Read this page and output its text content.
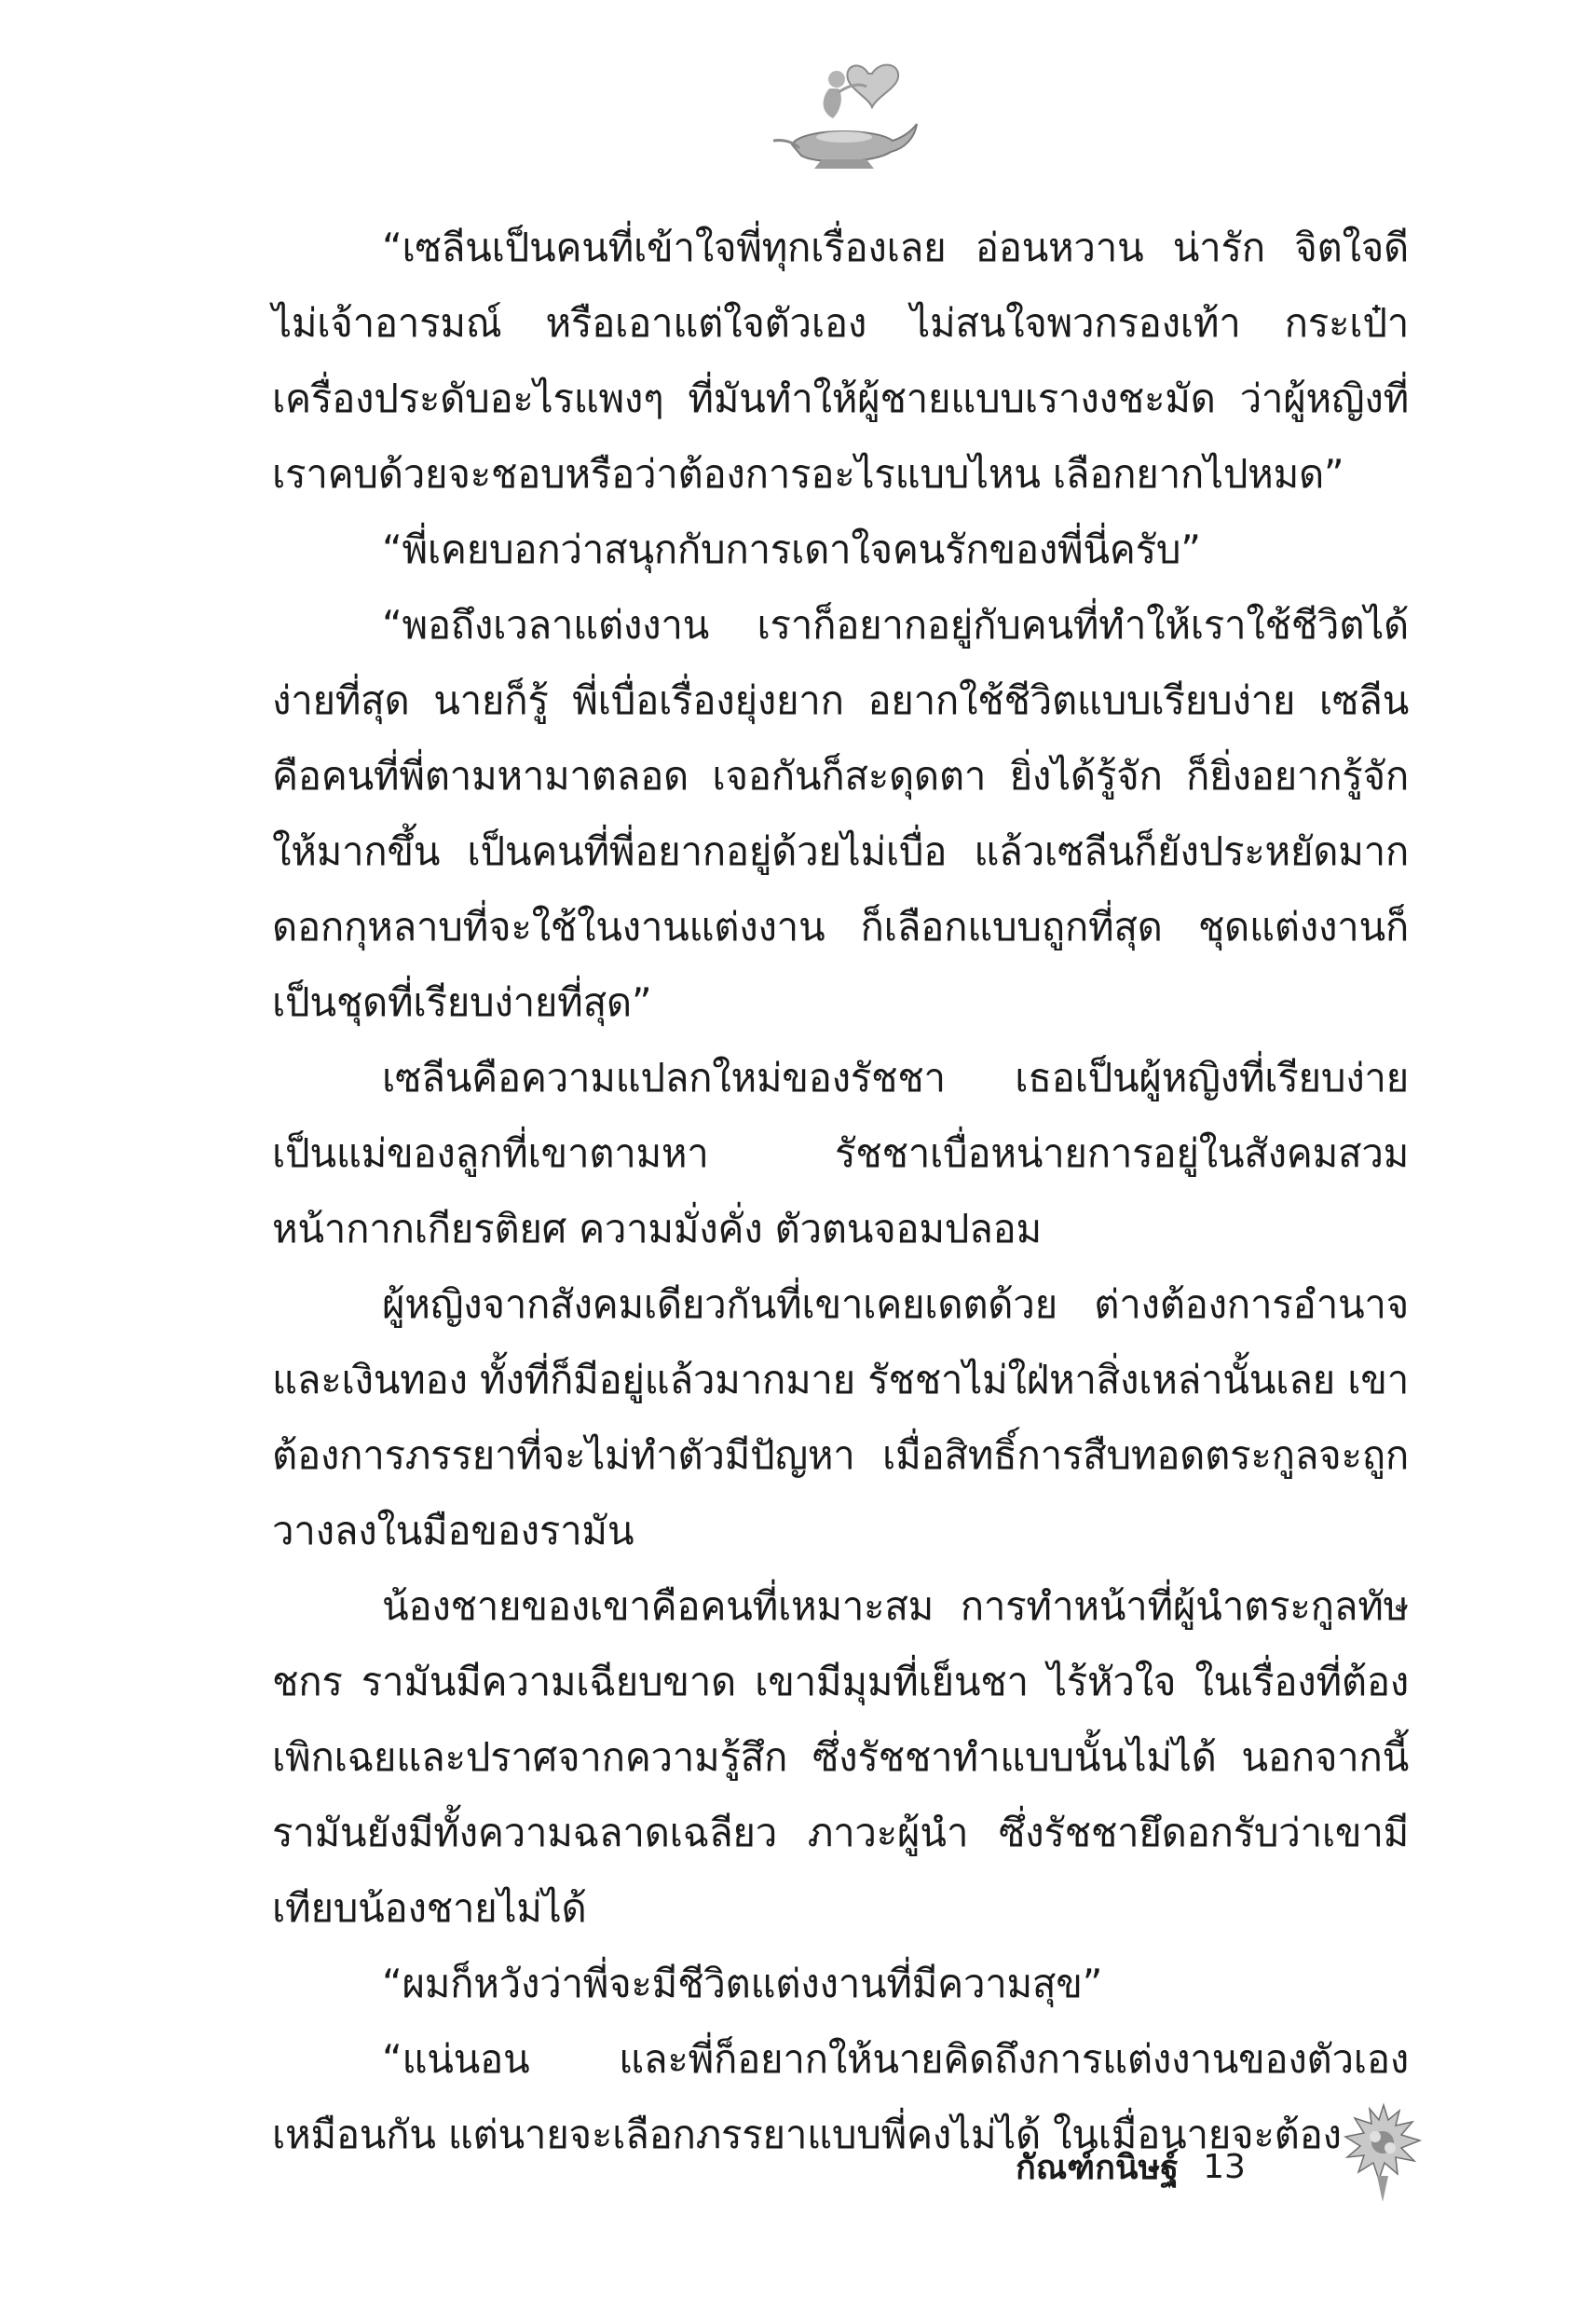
“เซลีนเป็นคนที่เข้าใจพี่ทุกเรื่องเลย อ่อนหวาน น่ารัก จิตใจดี ไม่เจ้าอารมณ์ หรือเอาแต่ใจตัวเอง ไม่สนใจพวกรองเท้า กระเป๋า เครื่องประดับอะไรแพงๆ ที่มันทำให้ผู้ชายแบบเรางงชะมัด ว่าผู้หญิงที่เราคบด้วยจะชอบหรือว่าต้องการอะไรแบบไหน เลือกยากไปหมด”

“พี่เคยบอกว่าสนุกกับการเดาใจคนรักของพี่นี่ครับ”

“พอถึงเวลาแต่งงาน เราก็อยากอยู่กับคนที่ทำให้เราใช้ชีวิตได้ง่ายที่สุด นายก็รู้ พี่เบื่อเรื่องยุ่งยาก อยากใช้ชีวิตแบบเรียบง่าย เซลีนคือคนที่พี่ตามหามาตลอด เจอกันก็สะดุดตา ยิ่งได้รู้จัก ก็ยิ่งอยากรู้จักให้มากขึ้น เป็นคนที่พี่อยากอยู่ด้วยไม่เบื่อ แล้วเซลีนก็ยังประหยัดมาก ดอกกุหลาบที่จะใช้ในงานแต่งงาน ก็เลือกแบบถูกที่สุด ชุดแต่งงานก็เป็นชุดที่เรียบง่ายที่สุด”

เซลีนคือความแปลกใหม่ของรัชชา เธอเป็นผู้หญิงที่เรียบง่าย เป็นแม่ของลูกที่เขาตามหา รัชชาเบื่อหน่ายการอยู่ในสังคมสวมหน้ากากเกียรติยศ ความมั่งคั่ง ตัวตนจอมปลอม

ผู้หญิงจากสังคมเดียวกันที่เขาเคยเดตด้วย ต่างต้องการอำนาจและเงินทอง ทั้งที่ก็มีอยู่แล้วมากมาย รัชชาไม่ใฝ่หาสิ่งเหล่านั้นเลย เขาต้องการภรรยาที่จะไม่ทำตัวมีปัญหา เมื่อสิทธิ์การสืบทอดตระกูลจะถูกวางลงในมือของรามัน

น้องชายของเขาคือคนที่เหมาะสม การทำหน้าที่ผู้นำตระกูลทัษชกร รามันมีความเฉียบขาด เขามีมุมที่เย็นชา ไร้หัวใจ ในเรื่องที่ต้องเพิกเฉยและปราศจากความรู้สึก ซึ่งรัชชาทำแบบนั้นไม่ได้ นอกจากนี้รามันยังมีทั้งความฉลาดเฉลียว ภาวะผู้นำ ซึ่งรัชชายึดอกรับว่าเขามีเทียบน้องชายไม่ได้

“ผมก็หวังว่าพี่จะมีชีวิตแต่งงานที่มีความสุข”

“แน่นอน และพี่ก็อยากให้นายคิดถึงการแต่งงานของตัวเองเหมือนกัน แต่นายจะเลือกภรรยาแบบพี่คงไม่ได้ ในเมื่อนายจะต้อง

กัณฑ์กนิษฐ์ 13
